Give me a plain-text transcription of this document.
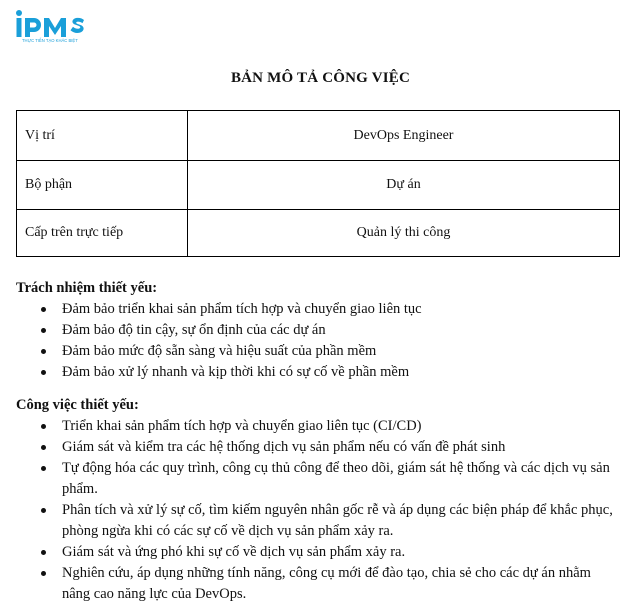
THỰC TIỄN TẠO KHÁC BIỆT
BẢN MÔ TẢ CÔNG VIỆC
Vị trí	DevOps Engineer
Bộ phận	Dự án
Cấp trên trực tiếp	Quản lý thi công
Trách nhiệm thiết yếu:
Đảm bảo triển khai sản phẩm tích hợp và chuyển giao liên tục
Đảm bảo độ tin cậy, sự ổn định của các dự án
Đảm bảo mức độ sẵn sàng và hiệu suất của phần mềm
Đảm bảo xử lý nhanh và kịp thời khi có sự cố về phần mềm
Công việc thiết yếu:
Triển khai sản phẩm tích hợp và chuyển giao liên tục (CI/CD)
Giám sát và kiểm tra các hệ thống dịch vụ sản phẩm nếu có vấn đề phát sinh
Tự động hóa các quy trình, công cụ thủ công để theo dõi, giám sát hệ thống và các dịch vụ sản phẩm.
Phân tích và xử lý sự cố, tìm kiếm nguyên nhân gốc rễ và áp dụng các biện pháp để khắc phục, phòng ngừa khi có các sự cố về dịch vụ sản phẩm xảy ra.
Giám sát và ứng phó khi sự cố về dịch vụ sản phẩm xảy ra.
Nghiên cứu, áp dụng những tính năng, công cụ mới để đào tạo, chia sẻ cho các dự án nhằm nâng cao năng lực của DevOps.
